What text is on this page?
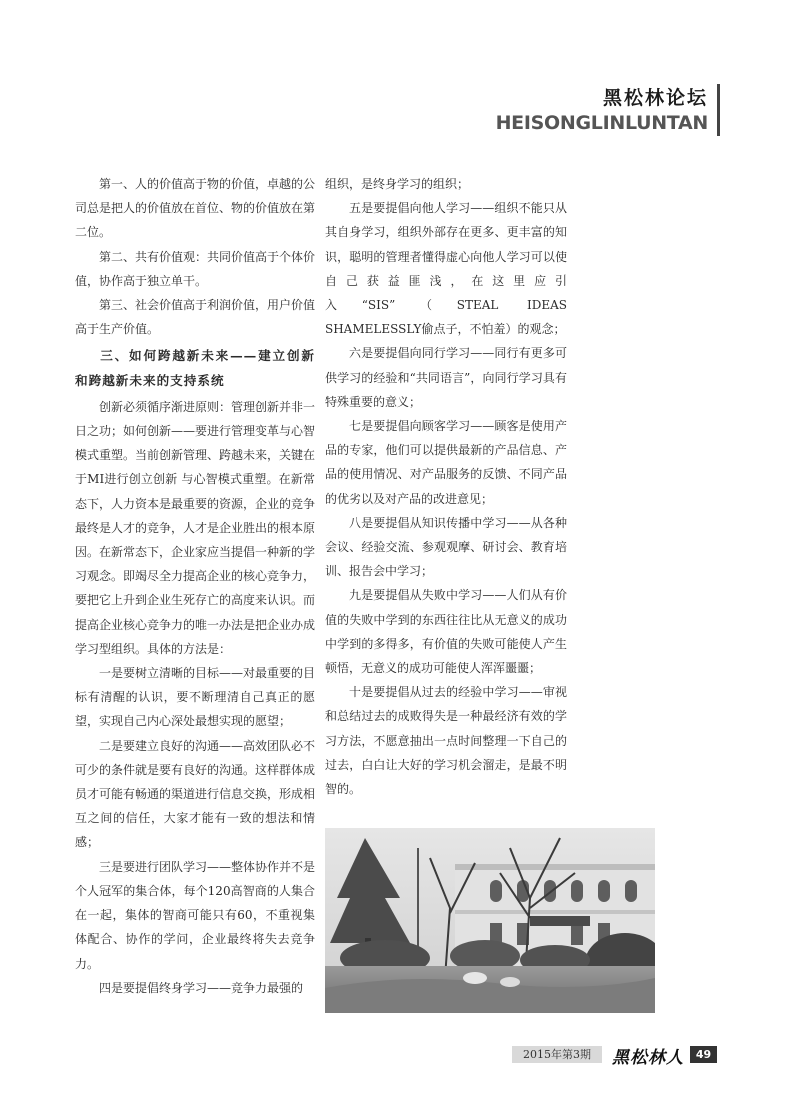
黑松林论坛
HEISONGLINLUNTAN

第一、人的价值高于物的价值，卓越的公司总是把人的价值放在首位、物的价值放在第二位。

第二、共有价值观：共同价值高于个体价值，协作高于独立单干。

第三、社会价值高于利润价值，用户价值高于生产价值。

三、如何跨越新未来——建立创新和跨越新未来的支持系统

创新必须循序渐进原则：管理创新并非一日之功；如何创新——要进行管理变革与心智模式重塑。当前创新管理、跨越未来，关键在于MI进行创立创新 与心智模式重塑。在新常态下，人力资本是最重要的资源，企业的竞争最终是人才的竞争，人才是企业胜出的根本原因。在新常态下，企业家应当提倡一种新的学习观念。即竭尽全力提高企业的核心竞争力，要把它上升到企业生死存亡的高度来认识。而提高企业核心竞争力的唯一办法是把企业办成学习型组织。具体的方法是：

一是要树立清晰的目标——对最重要的目标有清醒的认识，要不断理清自己真正的愿望，实现自己内心深处最想实现的愿望；

二是要建立良好的沟通——高效团队必不可少的条件就是要有良好的沟通。这样群体成员才可能有畅通的渠道进行信息交换，形成相互之间的信任，大家才能有一致的想法和情感；

三是要进行团队学习——整体协作并不是个人冠军的集合体，每个120高智商的人集合在一起，集体的智商可能只有60，不重视集体配合、协作的学问，企业最终将失去竞争力。

四是要提倡终身学习——竞争力最强的

组织，是终身学习的组织；

五是要提倡向他人学习——组织不能只从其自身学习，组织外部存在更多、更丰富的知识，聪明的管理者懂得虚心向他人学习可以使自己获益匪浅，在这里应引入“SIS”（STEAL IDEAS SHAMELESSLY偷点子，不怕羞）的观念；

六是要提倡向同行学习——同行有更多可供学习的经验和“共同语言”，向同行学习具有特殊重要的意义；

七是要提倡向顾客学习——顾客是使用产品的专家，他们可以提供最新的产品信息、产品的使用情况、对产品服务的反馈、不同产品的优劣以及对产品的改进意见；

八是要提倡从知识传播中学习——从各种会议、经验交流、参观观摩、研讨会、教育培训、报告会中学习；

九是要提倡从失败中学习——人们从有价值的失败中学到的东西往往比从无意义的成功中学到的多得多，有价值的失败可能使人产生顿悟，无意义的成功可能使人浑浑噩噩；

十是要提倡从过去的经验中学习——审视和总结过去的成败得失是一种最经济有效的学习方法，不愿意抽出一点时间整理一下自己的过去，白白让大好的学习机会溜走，是最不明智的。

2015年第3期	黑松林人	49
